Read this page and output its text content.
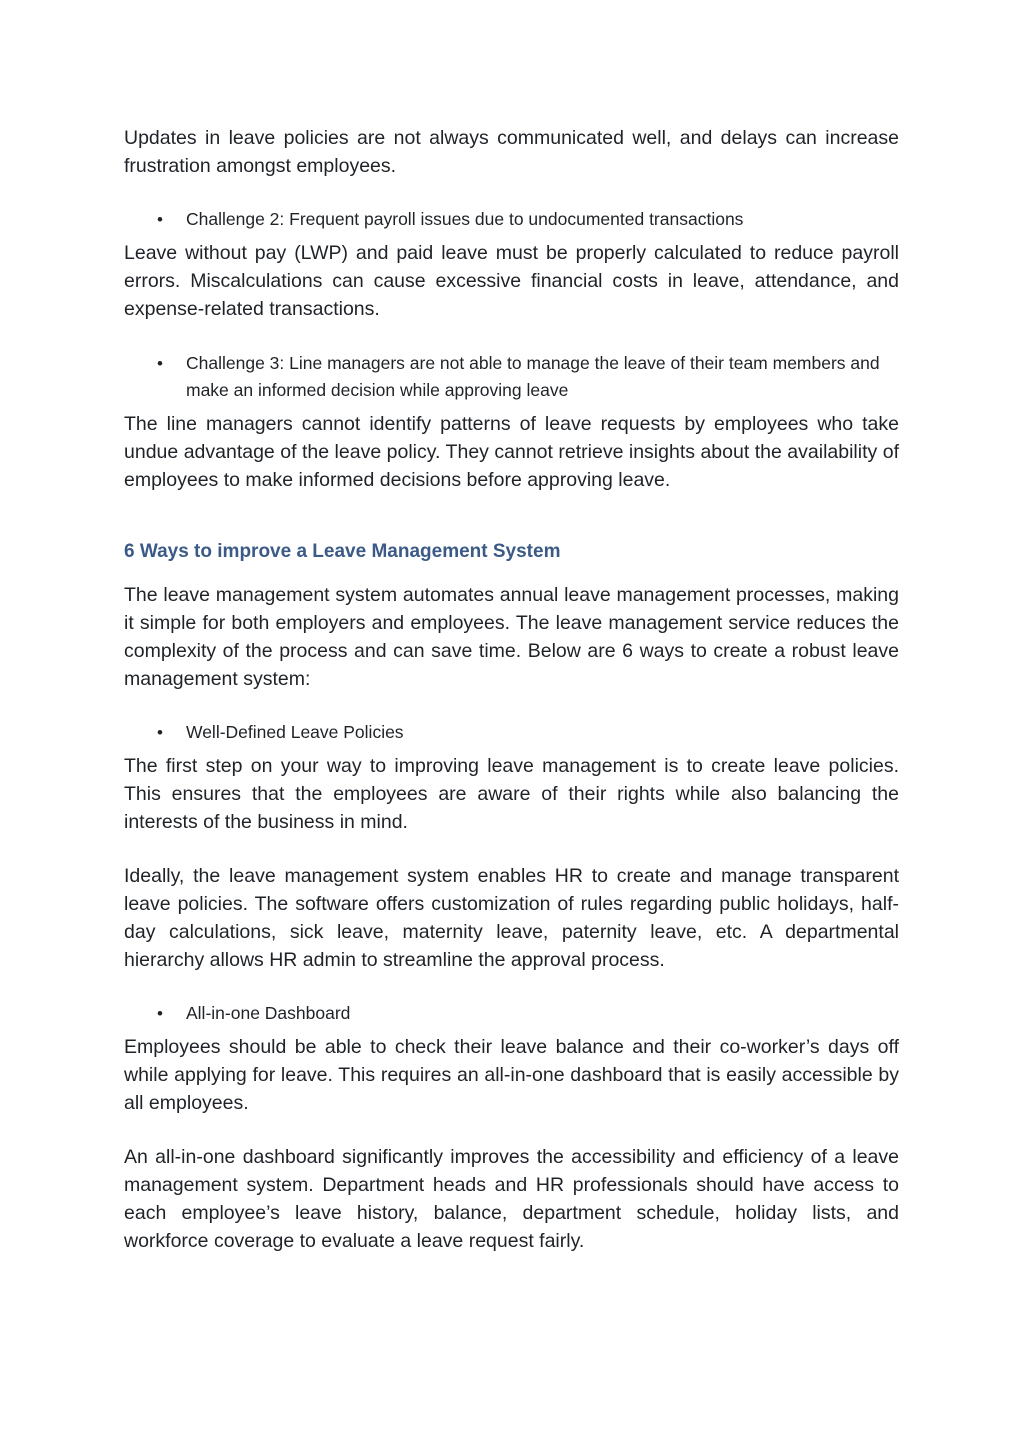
Updates in leave policies are not always communicated well, and delays can increase frustration amongst employees.

• Challenge 2: Frequent payroll issues due to undocumented transactions

Leave without pay (LWP) and paid leave must be properly calculated to reduce payroll errors. Miscalculations can cause excessive financial costs in leave, attendance, and expense-related transactions.

• Challenge 3: Line managers are not able to manage the leave of their team members and make an informed decision while approving leave

The line managers cannot identify patterns of leave requests by employees who take undue advantage of the leave policy. They cannot retrieve insights about the availability of employees to make informed decisions before approving leave.

6 Ways to improve a Leave Management System

The leave management system automates annual leave management processes, making it simple for both employers and employees. The leave management service reduces the complexity of the process and can save time. Below are 6 ways to create a robust leave management system:

• Well-Defined Leave Policies

The first step on your way to improving leave management is to create leave policies. This ensures that the employees are aware of their rights while also balancing the interests of the business in mind.

Ideally, the leave management system enables HR to create and manage transparent leave policies. The software offers customization of rules regarding public holidays, half-day calculations, sick leave, maternity leave, paternity leave, etc. A departmental hierarchy allows HR admin to streamline the approval process.

• All-in-one Dashboard

Employees should be able to check their leave balance and their co-worker’s days off while applying for leave. This requires an all-in-one dashboard that is easily accessible by all employees.

An all-in-one dashboard significantly improves the accessibility and efficiency of a leave management system. Department heads and HR professionals should have access to each employee’s leave history, balance, department schedule, holiday lists, and workforce coverage to evaluate a leave request fairly.
